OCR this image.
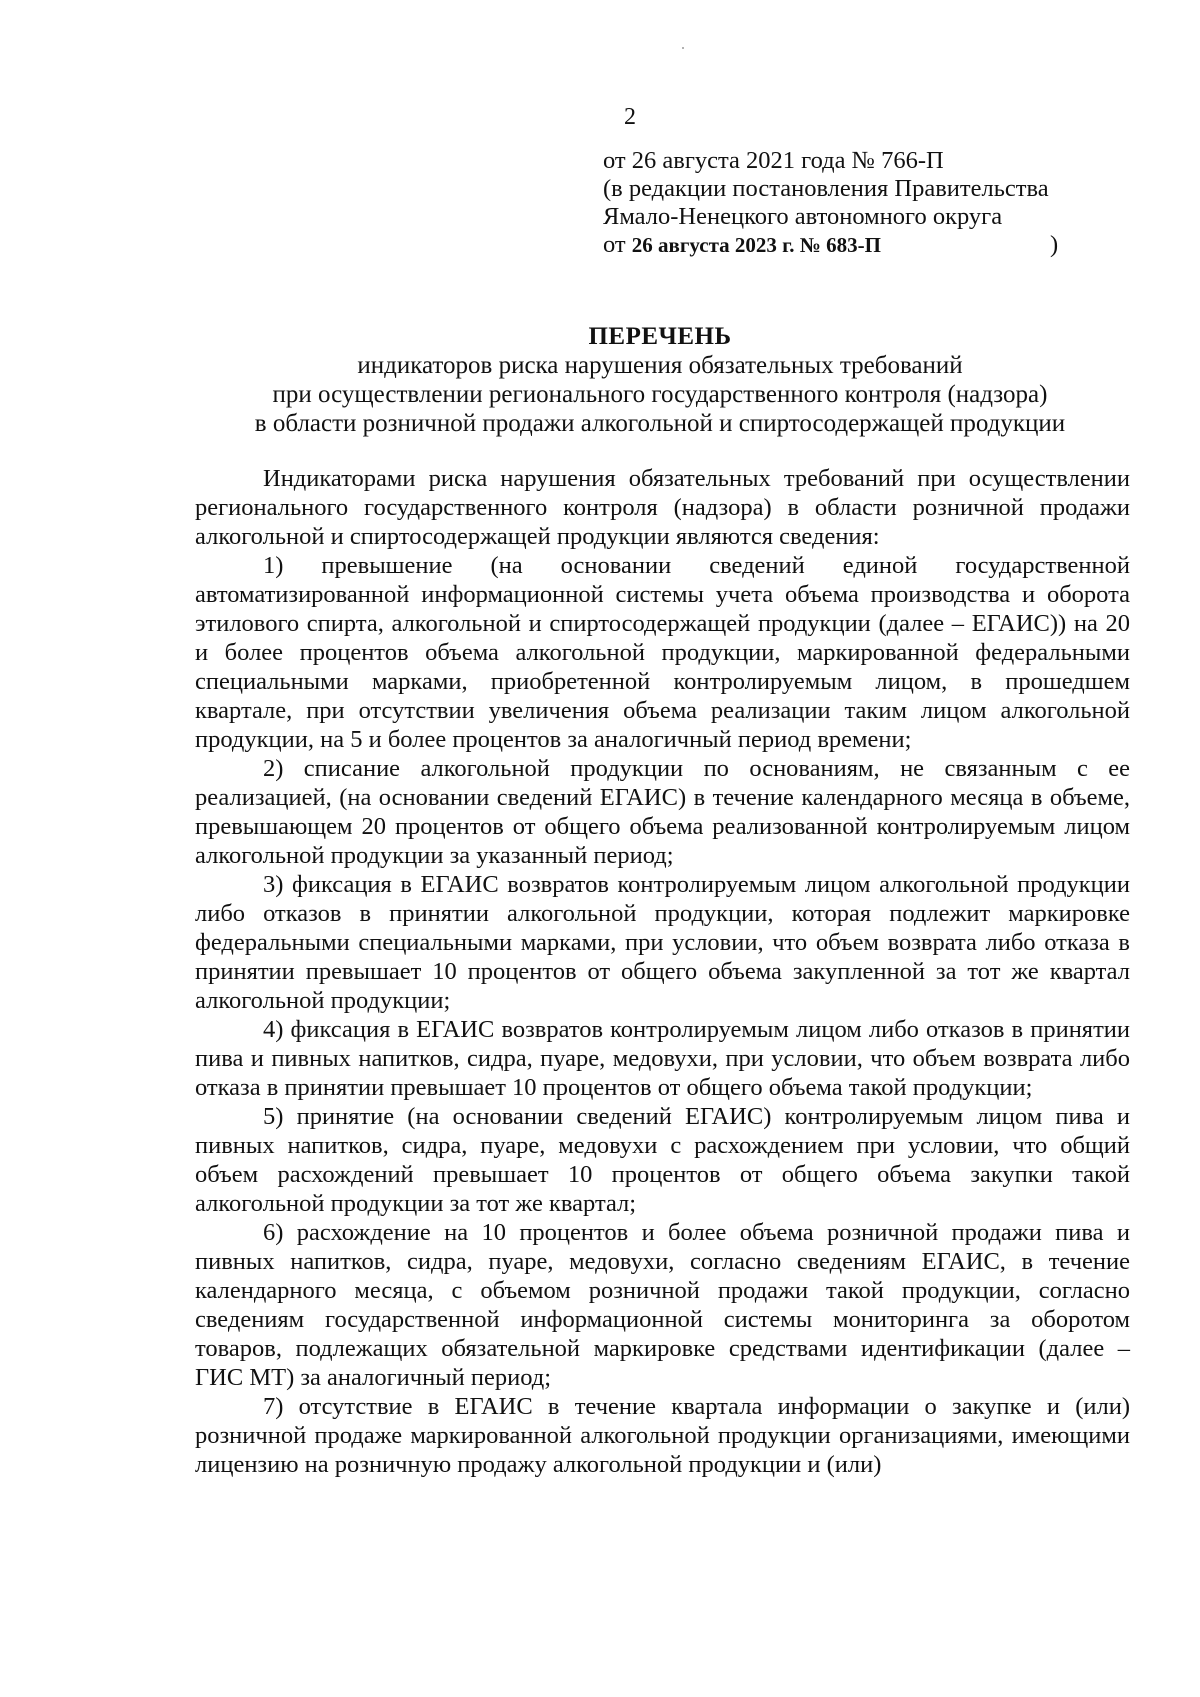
2
от 26 августа 2021 года № 766-П
(в редакции постановления Правительства
Ямало-Ненецкого автономного округа
от 26 августа 2023 г. № 683-П	)
ПЕРЕЧЕНЬ
индикаторов риска нарушения обязательных требований
при осуществлении регионального государственного контроля (надзора)
в области розничной продажи алкогольной и спиртосодержащей продукции

Индикаторами риска нарушения обязательных требований при осуществлении регионального государственного контроля (надзора) в области розничной продажи алкогольной и спиртосодержащей продукции являются сведения:

1) превышение (на основании сведений единой государственной автоматизированной информационной системы учета объема производства и оборота этилового спирта, алкогольной и спиртосодержащей продукции (далее – ЕГАИС)) на 20 и более процентов объема алкогольной продукции, маркированной федеральными специальными марками, приобретенной контролируемым лицом, в прошедшем квартале, при отсутствии увеличения объема реализации таким лицом алкогольной продукции, на 5 и более процентов за аналогичный период времени;

2) списание алкогольной продукции по основаниям, не связанным с ее реализацией, (на основании сведений ЕГАИС) в течение календарного месяца в объеме, превышающем 20 процентов от общего объема реализованной контролируемым лицом алкогольной продукции за указанный период;

3) фиксация в ЕГАИС возвратов контролируемым лицом алкогольной продукции либо отказов в принятии алкогольной продукции, которая подлежит маркировке федеральными специальными марками, при условии, что объем возврата либо отказа в принятии превышает 10 процентов от общего объема закупленной за тот же квартал алкогольной продукции;

4) фиксация в ЕГАИС возвратов контролируемым лицом либо отказов в принятии пива и пивных напитков, сидра, пуаре, медовухи, при условии, что объем возврата либо отказа в принятии превышает 10 процентов от общего объема такой продукции;

5) принятие (на основании сведений ЕГАИС) контролируемым лицом пива и пивных напитков, сидра, пуаре, медовухи с расхождением при условии, что общий объем расхождений превышает 10 процентов от общего объема закупки такой алкогольной продукции за тот же квартал;

6) расхождение на 10 процентов и более объема розничной продажи пива и пивных напитков, сидра, пуаре, медовухи, согласно сведениям ЕГАИС, в течение календарного месяца, с объемом розничной продажи такой продукции, согласно сведениям государственной информационной системы мониторинга за оборотом товаров, подлежащих обязательной маркировке средствами идентификации (далее – ГИС МТ) за аналогичный период;

7) отсутствие в ЕГАИС в течение квартала информации о закупке и (или) розничной продаже маркированной алкогольной продукции организациями, имеющими лицензию на розничную продажу алкогольной продукции и (или)
